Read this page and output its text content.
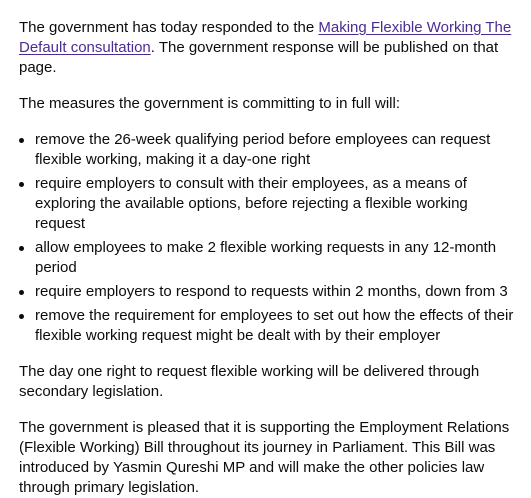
The government has today responded to the Making Flexible Working The Default consultation. The government response will be published on that page.

The measures the government is committing to in full will:

remove the 26-week qualifying period before employees can request flexible working, making it a day-one right
require employers to consult with their employees, as a means of exploring the available options, before rejecting a flexible working request
allow employees to make 2 flexible working requests in any 12-month period
require employers to respond to requests within 2 months, down from 3
remove the requirement for employees to set out how the effects of their flexible working request might be dealt with by their employer

The day one right to request flexible working will be delivered through secondary legislation.

The government is pleased that it is supporting the Employment Relations (Flexible Working) Bill throughout its journey in Parliament. This Bill was introduced by Yasmin Qureshi MP and will make the other policies law through primary legislation.
